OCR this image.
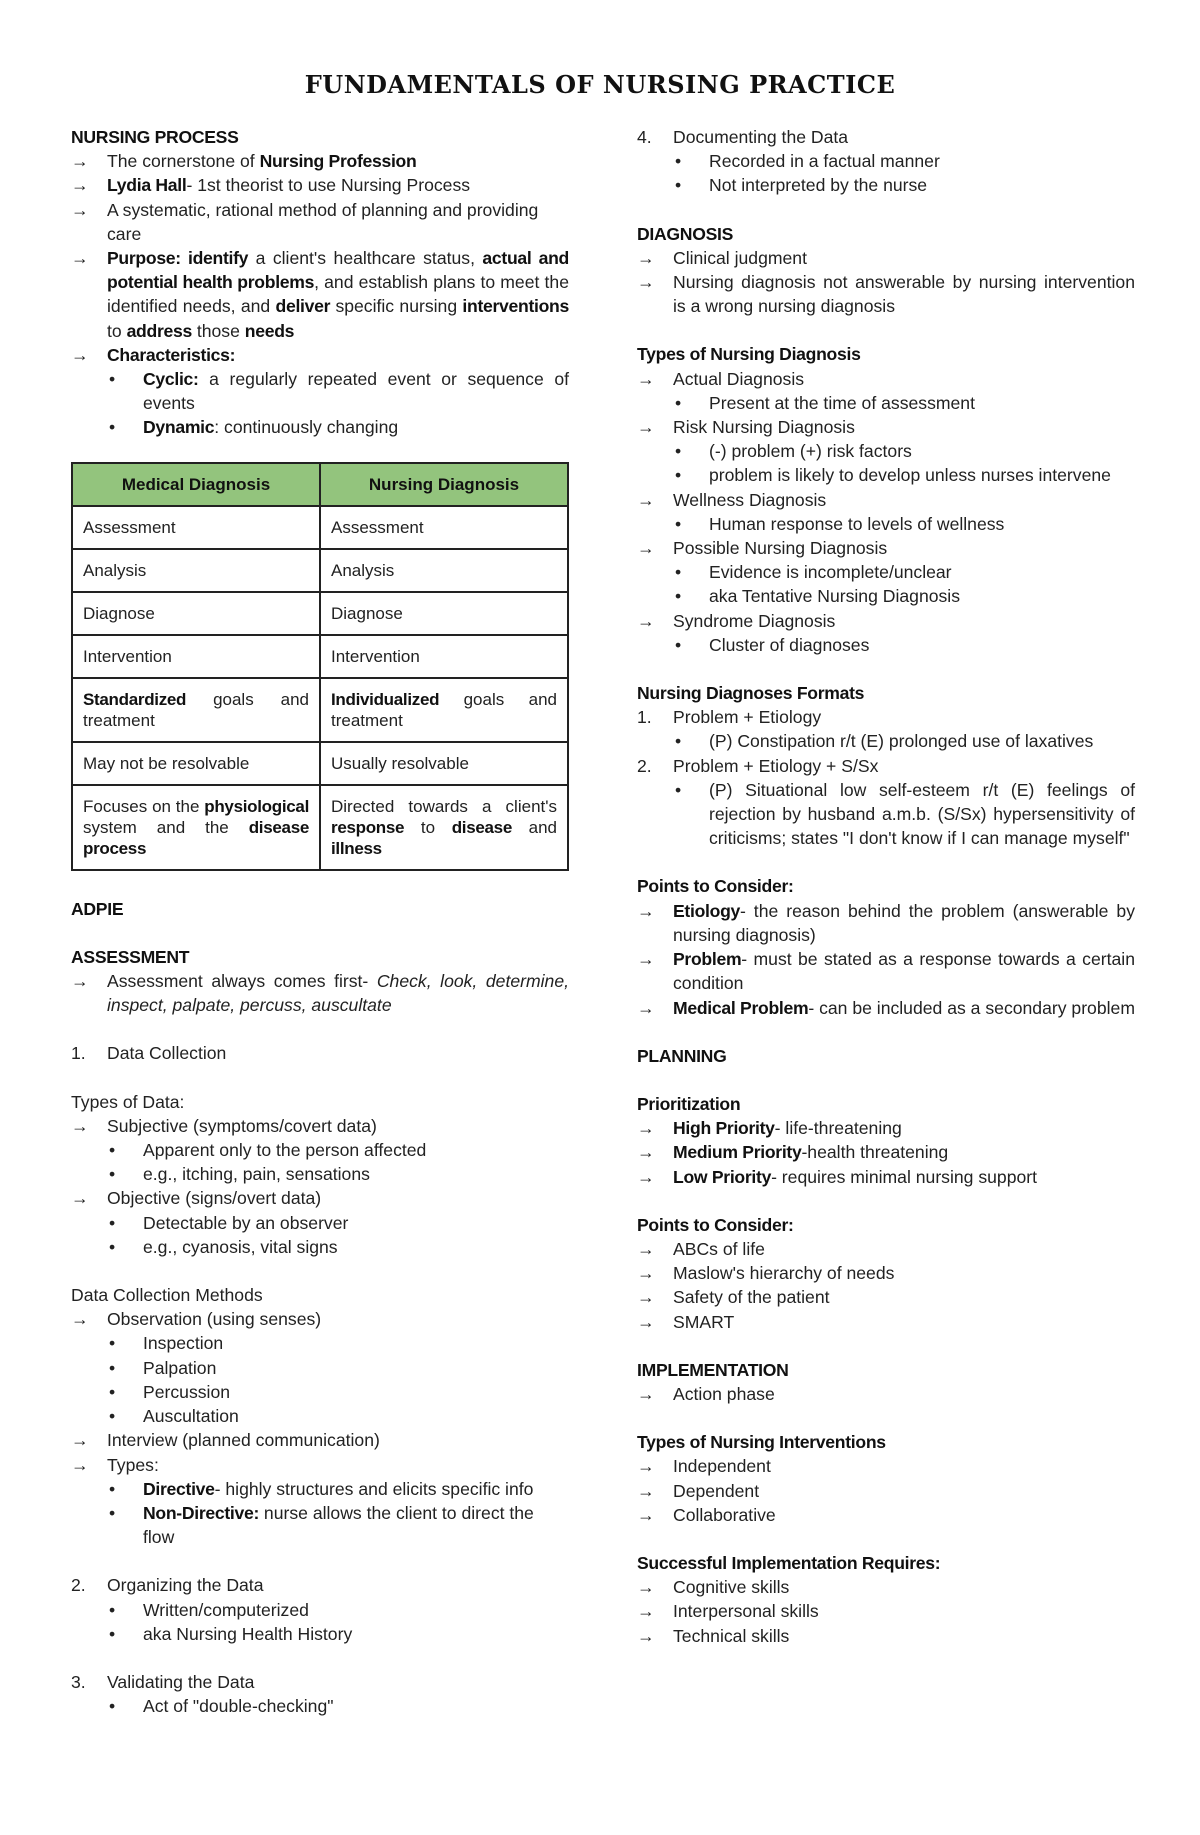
FUNDAMENTALS OF NURSING PRACTICE
NURSING PROCESS
→	The cornerstone of Nursing Profession
→	Lydia Hall- 1st theorist to use Nursing Process
→	A systematic, rational method of planning and providing care
→	Purpose: identify a client's healthcare status, actual and potential health problems, and establish plans to meet the identified needs, and deliver specific nursing interventions to address those needs
→	Characteristics:
• Cyclic: a regularly repeated event or sequence of events
• Dynamic: continuously changing
Medical Diagnosis	Nursing Diagnosis
Assessment	Assessment
Analysis	Analysis
Diagnose	Diagnose
Intervention	Intervention
Standardized goals and treatment	Individualized goals and treatment
May not be resolvable	Usually resolvable
Focuses on the physiological system and the disease process	Directed towards a client's response to disease and illness
ADPIE
ASSESSMENT
→	Assessment always comes first- Check, look, determine, inspect, palpate, percuss, auscultate
1.	Data Collection
Types of Data:
→	Subjective (symptoms/covert data)
• Apparent only to the person affected
• e.g., itching, pain, sensations
→	Objective (signs/overt data)
• Detectable by an observer
• e.g., cyanosis, vital signs
Data Collection Methods
→	Observation (using senses)
• Inspection
• Palpation
• Percussion
• Auscultation
→	Interview (planned communication)
→	Types:
• Directive- highly structures and elicits specific info
• Non-Directive: nurse allows the client to direct the flow
2.	Organizing the Data
• Written/computerized
• aka Nursing Health History
3.	Validating the Data
• Act of "double-checking"
4.	Documenting the Data
• Recorded in a factual manner
• Not interpreted by the nurse
DIAGNOSIS
→	Clinical judgment
→	Nursing diagnosis not answerable by nursing intervention is a wrong nursing diagnosis
Types of Nursing Diagnosis
→	Actual Diagnosis
• Present at the time of assessment
→	Risk Nursing Diagnosis
• (-) problem (+) risk factors
• problem is likely to develop unless nurses intervene
→	Wellness Diagnosis
• Human response to levels of wellness
→	Possible Nursing Diagnosis
• Evidence is incomplete/unclear
• aka Tentative Nursing Diagnosis
→	Syndrome Diagnosis
• Cluster of diagnoses
Nursing Diagnoses Formats
1.	Problem + Etiology
• (P) Constipation r/t (E) prolonged use of laxatives
2.	Problem + Etiology + S/Sx
• (P) Situational low self-esteem r/t (E) feelings of rejection by husband a.m.b. (S/Sx) hypersensitivity of criticisms; states "I don't know if I can manage myself"
Points to Consider:
→	Etiology- the reason behind the problem (answerable by nursing diagnosis)
→	Problem- must be stated as a response towards a certain condition
→	Medical Problem- can be included as a secondary problem
PLANNING
Prioritization
→	High Priority- life-threatening
→	Medium Priority-health threatening
→	Low Priority- requires minimal nursing support
Points to Consider:
→	ABCs of life
→	Maslow's hierarchy of needs
→	Safety of the patient
→	SMART
IMPLEMENTATION
→	Action phase
Types of Nursing Interventions
→	Independent
→	Dependent
→	Collaborative
Successful Implementation Requires:
→	Cognitive skills
→	Interpersonal skills
→	Technical skills
